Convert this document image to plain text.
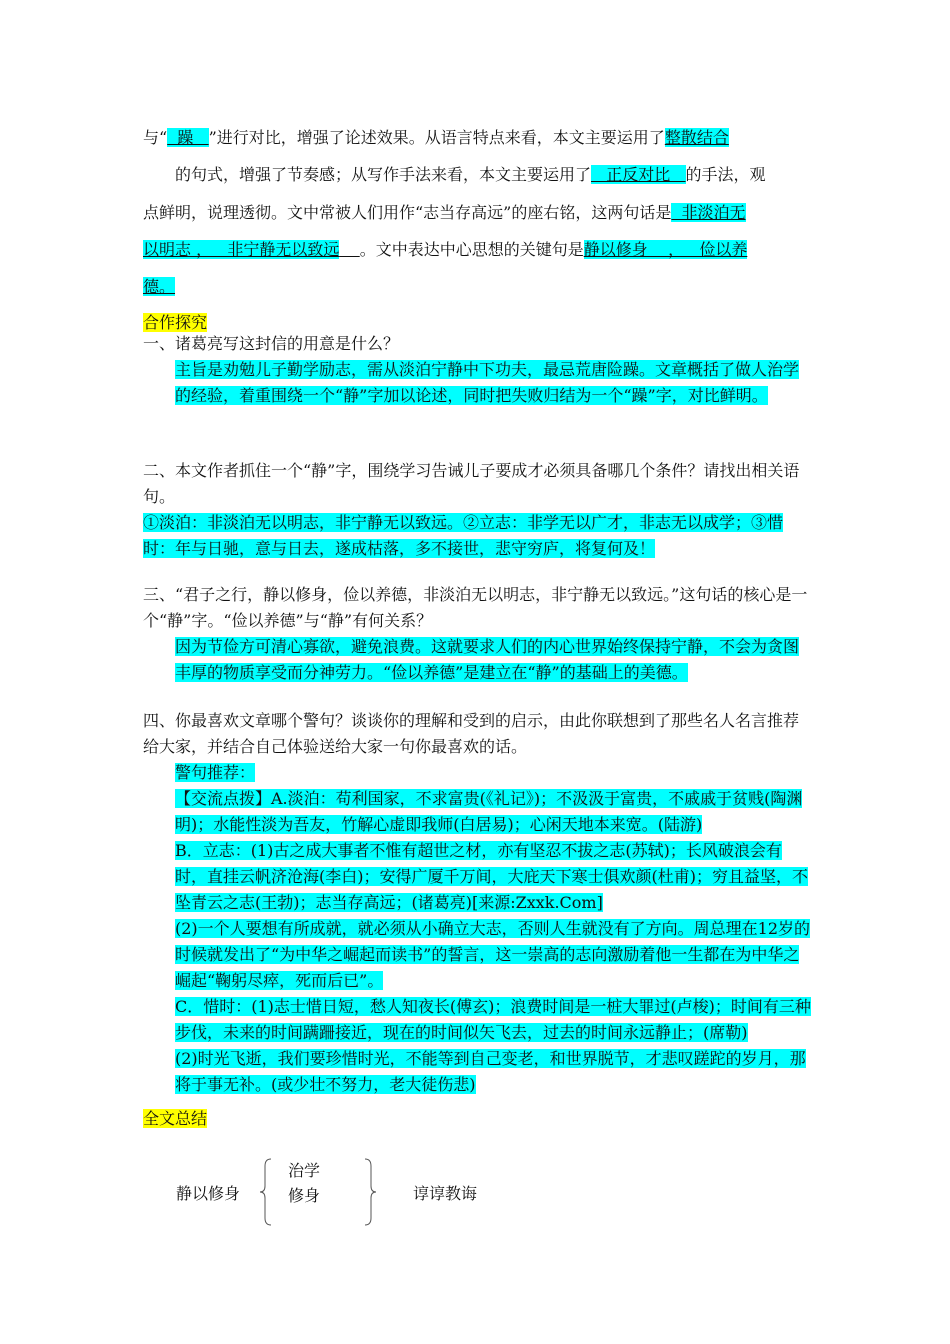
与“  躁   ”进行对比，增强了论述效果。从语言特点来看，本文主要运用了整散结合
的句式，增强了节奏感；从写作手法来看，本文主要运用了   正反对比   的手法，观
点鲜明，说理透彻。文中常被人们用作“志当存高远”的座右铭，这两句话是  非淡泊无
以明志 ，   非宁静无以致远 。文中表达中心思想的关键句是静以修身    ，   俭以养
德。
合作探究

一、诸葛亮写这封信的用意是什么？

主旨是劝勉儿子勤学励志，需从淡泊宁静中下功夫，最忌荒唐险躁。文章概括了做人治学的经验，着重围绕一个“静”字加以论述，同时把失败归结为一个“躁”字，对比鲜明。

二、本文作者抓住一个“静”字，围绕学习告诫儿子要成才必须具备哪几个条件？请找出相关语句。

①淡泊：非淡泊无以明志，非宁静无以致远。②立志：非学无以广才，非志无以成学；③惜时：年与日驰，意与日去，遂成枯落，多不接世，悲守穷庐，将复何及！

三、“君子之行，静以修身，俭以养德，非淡泊无以明志，非宁静无以致远。”这句话的核心是一个“静”字。“俭以养德”与“静”有何关系？

因为节俭方可清心寡欲，避免浪费。这就要求人们的内心世界始终保持宁静，不会为贪图丰厚的物质享受而分神劳力。“俭以养德”是建立在“静”的基础上的美德。

四、你最喜欢文章哪个警句？谈谈你的理解和受到的启示，由此你联想到了那些名人名言推荐给大家，并结合自己体验送给大家一句你最喜欢的话。

警句推荐：

【交流点拨】A.淡泊：苟利国家，不求富贵(《礼记》)；不汲汲于富贵，不戚戚于贫贱(陶渊明)；水能性淡为吾友，竹解心虚即我师(白居易)；心闲天地本来宽。(陆游)

B．立志：(1)古之成大事者不惟有超世之材，亦有坚忍不拔之志(苏轼)；长风破浪会有时，直挂云帆济沧海(李白)；安得广厦千万间，大庇天下寒士俱欢颜(杜甫)；穷且益坚，不坠青云之志(王勃)；志当存高远；(诸葛亮)[来源:Zxxk.Com]

(2)一个人要想有所成就，就必须从小确立大志，否则人生就没有了方向。周总理在12岁的时候就发出了“为中华之崛起而读书”的誓言，这一崇高的志向激励着他一生都在为中华之崛起“鞠躬尽瘁，死而后已”。

C．惜时：(1)志士惜日短，愁人知夜长(傅玄)；浪费时间是一桩大罪过(卢梭)；时间有三种步伐，未来的时间蹒跚接近，现在的时间似矢飞去，过去的时间永远静止；(席勒)

(2)时光飞逝，我们要珍惜时光，不能等到自己变老，和世界脱节，才悲叹蹉跎的岁月，那将于事无补。(或少壮不努力，老大徒伤悲)

全文总结
静以修身
治学
修身	谆谆教诲
